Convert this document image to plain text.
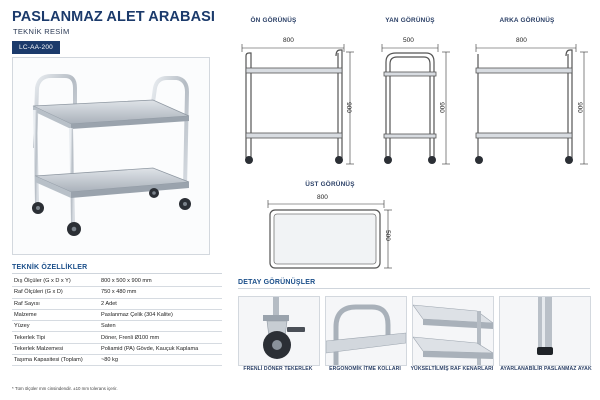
PASLANMAZ ALET ARABASI
TEKNİK RESİM
LC-AA-200
ÖN GÖRÜNÜŞ
800
900
YAN GÖRÜNÜŞ
500
900
ARKA GÖRÜNÜŞ
800
900
ÜST GÖRÜNÜŞ
800
500
TEKNİK ÖZELLİKLER
Dış Ölçüler (G x D x Y)	800 x 500 x 900 mm
Raf Ölçüleri (G x D)	750 x 480 mm
Raf Sayısı	2 Adet
Malzeme	Paslanmaz Çelik (304 Kalite)
Yüzey	Saten
Tekerlek Tipi	Döner, Frenli Ø100 mm
Tekerlek Malzemesi	Poliamid (PA) Gövde, Kauçuk Kaplama
Taşıma Kapasitesi (Toplam)	~80 kg
* Tüm ölçüler mm cinsindendir. ±10 mm tolerans içerir.
DETAY GÖRÜNÜŞLER
FRENLİ DÖNER TEKERLEK	ERGONOMİK İTME KOLLARI	YÜKSELTİLMİŞ RAF KENARLARI	AYARLANABİLİR PASLANMAZ AYAK
